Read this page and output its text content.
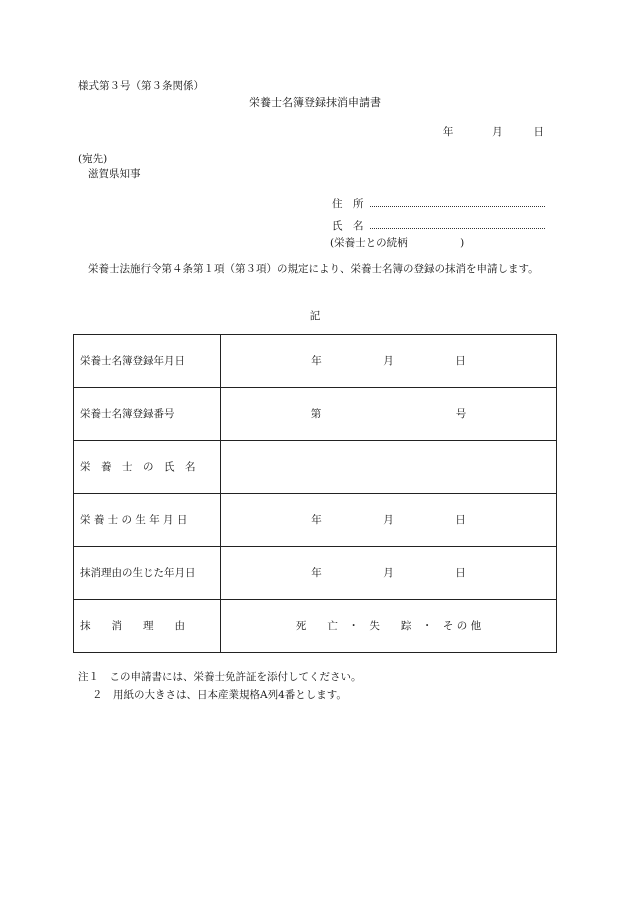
様式第３号（第３条関係）
栄養士名簿登録抹消申請書
年	月	日
(宛先)
滋賀県知事
住　所
氏　名
(栄養士との続柄　　　　　)
栄養士法施行令第４条第１項（第３項）の規定により、栄養士名簿の登録の抹消を申請します。
記
栄養士名簿登録年月日	年 月 日

栄養士名簿登録番号	第 号

栄　養　士　の　氏　名	
栄 養 士 の 生 年 月 日	年 月 日

抹消理由の生じた年月日	年 月 日

抹　　消　　理　　由	死　　亡　・　失　　踪　・　そ の 他
注１　この申請書には、栄養士免許証を添付してください。
２　用紙の大きさは、日本産業規格A列4番とします。
